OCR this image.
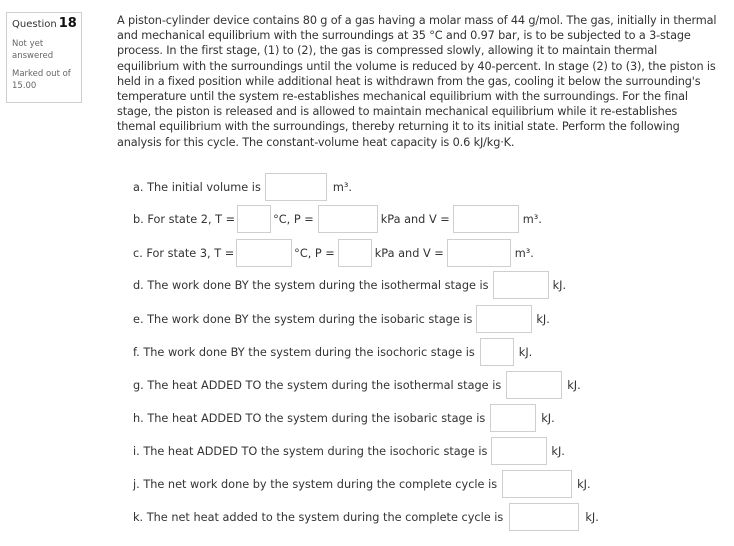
Question 18
Not yet
answered
Marked out of
15.00

A piston-cylinder device contains 80 g of a gas having a molar mass of 44 g/mol. The gas, initially in thermal and mechanical equilibrium with the surroundings at 35 °C and 0.97 bar, is to be subjected to a 3-stage process. In the first stage, (1) to (2), the gas is compressed slowly, allowing it to maintain thermal equilibrium with the surroundings until the volume is reduced by 40-percent. In stage (2) to (3), the piston is held in a fixed position while additional heat is withdrawn from the gas, cooling it below the surrounding's temperature until the system re-establishes mechanical equilibrium with the surroundings. For the final stage, the piston is released and is allowed to maintain mechanical equilibrium while it re-establishes themal equilibrium with the surroundings, thereby returning it to its initial state. Perform the following analysis for this cycle. The constant-volume heat capacity is 0.6 kJ/kg·K.

a. The initial volume is	m³.
b. For state 2, T =	°C, P =	kPa and V =	m³.
c. For state 3, T =	°C, P =	kPa and V =	m³.
d. The work done BY the system during the isothermal stage is	kJ.
e. The work done BY the system during the isobaric stage is	kJ.
f. The work done BY the system during the isochoric stage is	kJ.
g. The heat ADDED TO the system during the isothermal stage is	kJ.
h. The heat ADDED TO the system during the isobaric stage is	kJ.
i. The heat ADDED TO the system during the isochoric stage is	kJ.
j. The net work done by the system during the complete cycle is	kJ.
k. The net heat added to the system during the complete cycle is	kJ.
